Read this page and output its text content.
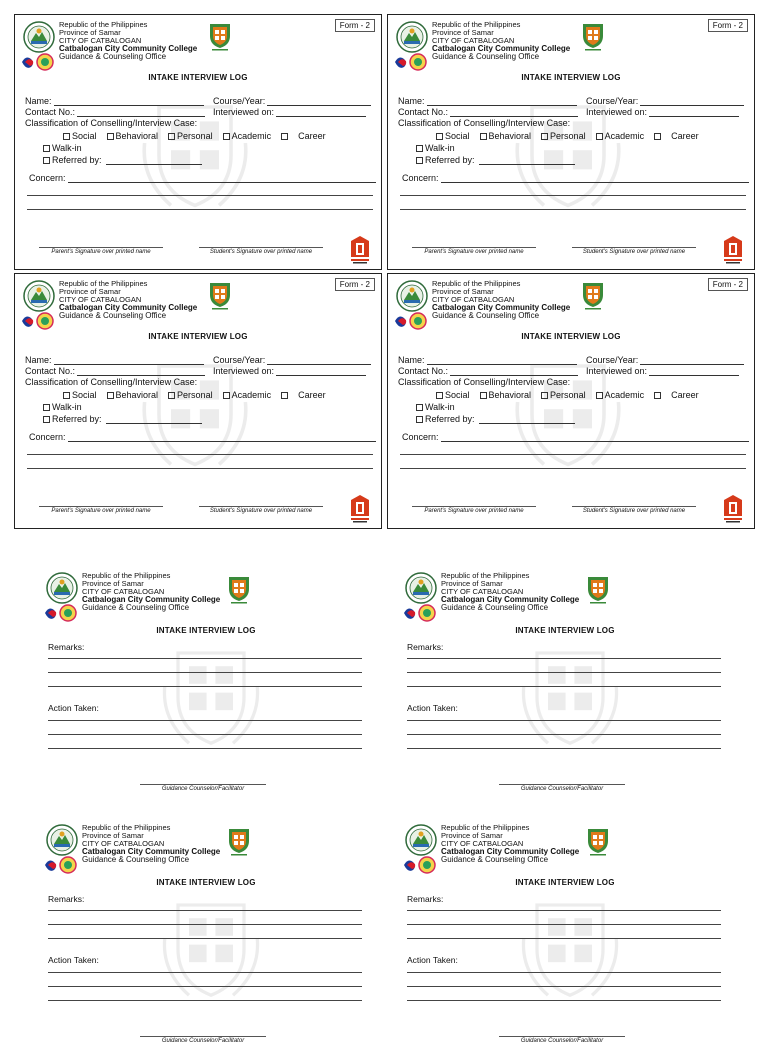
Republic of the Philippines
Province of Samar
CITY OF CATBALOGAN
Catbalogan City Community College
Guidance & Counseling Office
Form - 2
INTAKE INTERVIEW LOG
Name:	Course/Year:
Contact No.:	Interviewed on:
Classification of Conselling/Interview Case:
Social Behavioral Personal Academic	Career
Walk-in
Referred by:
Concern:
Parent's Signature over printed name	Student's Signature over printed name
Republic of the Philippines
Province of Samar
CITY OF CATBALOGAN
Catbalogan City Community College
Guidance & Counseling Office
Form - 2
INTAKE INTERVIEW LOG
Name:	Course/Year:
Contact No.:	Interviewed on:
Classification of Conselling/Interview Case:
Social Behavioral Personal Academic	Career
Walk-in
Referred by:
Concern:
Parent's Signature over printed name	Student's Signature over printed name
Republic of the Philippines
Province of Samar
CITY OF CATBALOGAN
Catbalogan City Community College
Guidance & Counseling Office
Form - 2
INTAKE INTERVIEW LOG
Name:	Course/Year:
Contact No.:	Interviewed on:
Classification of Conselling/Interview Case:
Social Behavioral Personal Academic	Career
Walk-in
Referred by:
Concern:
Parent's Signature over printed name	Student's Signature over printed name
Republic of the Philippines
Province of Samar
CITY OF CATBALOGAN
Catbalogan City Community College
Guidance & Counseling Office
Form - 2
INTAKE INTERVIEW LOG
Name:	Course/Year:
Contact No.:	Interviewed on:
Classification of Conselling/Interview Case:
Social Behavioral Personal Academic	Career
Walk-in
Referred by:
Concern:
Parent's Signature over printed name	Student's Signature over printed name
Republic of the Philippines
Province of Samar
CITY OF CATBALOGAN
Catbalogan City Community College
Guidance & Counseling Office
INTAKE INTERVIEW LOG
Remarks:
Action Taken:
Guidance Counselor/Facilitator
Republic of the Philippines
Province of Samar
CITY OF CATBALOGAN
Catbalogan City Community College
Guidance & Counseling Office
INTAKE INTERVIEW LOG
Remarks:
Action Taken:
Guidance Counselor/Facilitator
Republic of the Philippines
Province of Samar
CITY OF CATBALOGAN
Catbalogan City Community College
Guidance & Counseling Office
INTAKE INTERVIEW LOG
Remarks:
Action Taken:
Guidance Counselor/Facilitator
Republic of the Philippines
Province of Samar
CITY OF CATBALOGAN
Catbalogan City Community College
Guidance & Counseling Office
INTAKE INTERVIEW LOG
Remarks:
Action Taken:
Guidance Counselor/Facilitator
